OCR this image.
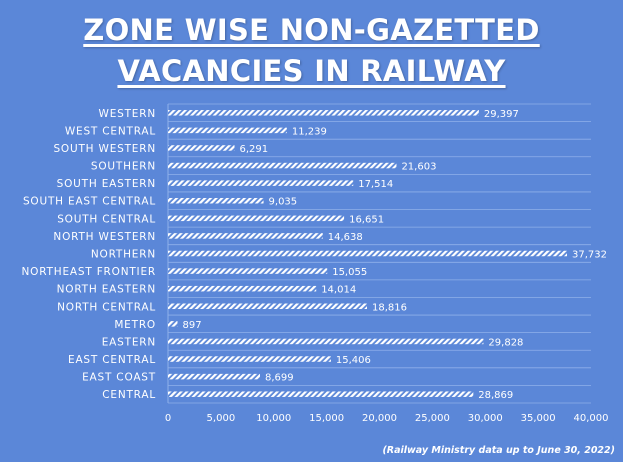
ZONE WISE NON-GAZETTED
VACANCIES IN RAILWAY
WESTERN
WEST CENTRAL
SOUTH WESTERN
SOUTHERN
SOUTH EASTERN
SOUTH EAST CENTRAL
SOUTH CENTRAL
NORTH WESTERN
NORTHERN
NORTHEAST FRONTIER
NORTH EASTERN
NORTH CENTRAL
METRO
EASTERN
EAST CENTRAL
EAST COAST
CENTRAL
29,397
11,239
6,291
21,603
17,514
9,035
16,651
14,638
37,732
15,055
14,014
18,816
897
29,828
15,406
8,699
28,869
0	5,000 10,000 15,000 20,000 25,000 30,000 35,000 40,000
(Railway Ministry data up to June 30, 2022)
